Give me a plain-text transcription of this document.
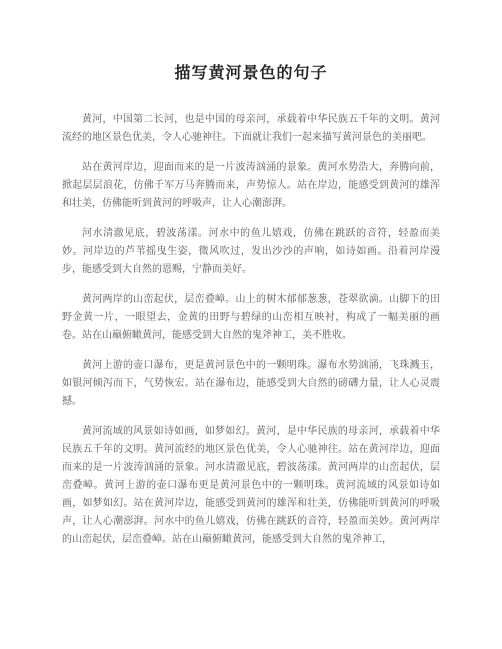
描写黄河景色的句子

黄河，中国第二长河，也是中国的母亲河，承载着中华民族五千年的文明。黄河流经的地区景色优美，令人心驰神往。下面就让我们一起来描写黄河景色的美丽吧。

站在黄河岸边，迎面而来的是一片波涛汹涌的景象。黄河水势浩大，奔腾向前，掀起层层浪花，仿佛千军万马奔腾而来，声势惊人。站在岸边，能感受到黄河的雄浑和壮美，仿佛能听到黄河的呼吸声，让人心潮澎湃。

河水清澈见底，碧波荡漾。河水中的鱼儿嬉戏，仿佛在跳跃的音符，轻盈而美妙。河岸边的芦苇摇曳生姿，微风吹过，发出沙沙的声响，如诗如画。沿着河岸漫步，能感受到大自然的恩赐，宁静而美好。

黄河两岸的山峦起伏，层峦叠嶂。山上的树木郁郁葱葱，苍翠欲滴。山脚下的田野金黄一片，一眼望去，金黄的田野与碧绿的山峦相互映衬，构成了一幅美丽的画卷。站在山巅俯瞰黄河，能感受到大自然的鬼斧神工，美不胜收。

黄河上游的壶口瀑布，更是黄河景色中的一颗明珠。瀑布水势汹涌，飞珠溅玉，如银河倾泻而下，气势恢宏。站在瀑布边，能感受到大自然的磅礴力量，让人心灵震撼。

黄河流域的风景如诗如画，如梦如幻。黄河，是中华民族的母亲河，承载着中华民族五千年的文明。黄河流经的地区景色优美，令人心驰神往。站在黄河岸边，迎面而来的是一片波涛汹涌的景象。河水清澈见底，碧波荡漾。黄河两岸的山峦起伏，层峦叠嶂。黄河上游的壶口瀑布更是黄河景色中的一颗明珠。黄河流域的风景如诗如画，如梦如幻。站在黄河岸边，能感受到黄河的雄浑和壮美，仿佛能听到黄河的呼吸声，让人心潮澎湃。河水中的鱼儿嬉戏，仿佛在跳跃的音符，轻盈而美妙。黄河两岸的山峦起伏，层峦叠嶂。站在山巅俯瞰黄河，能感受到大自然的鬼斧神工，
